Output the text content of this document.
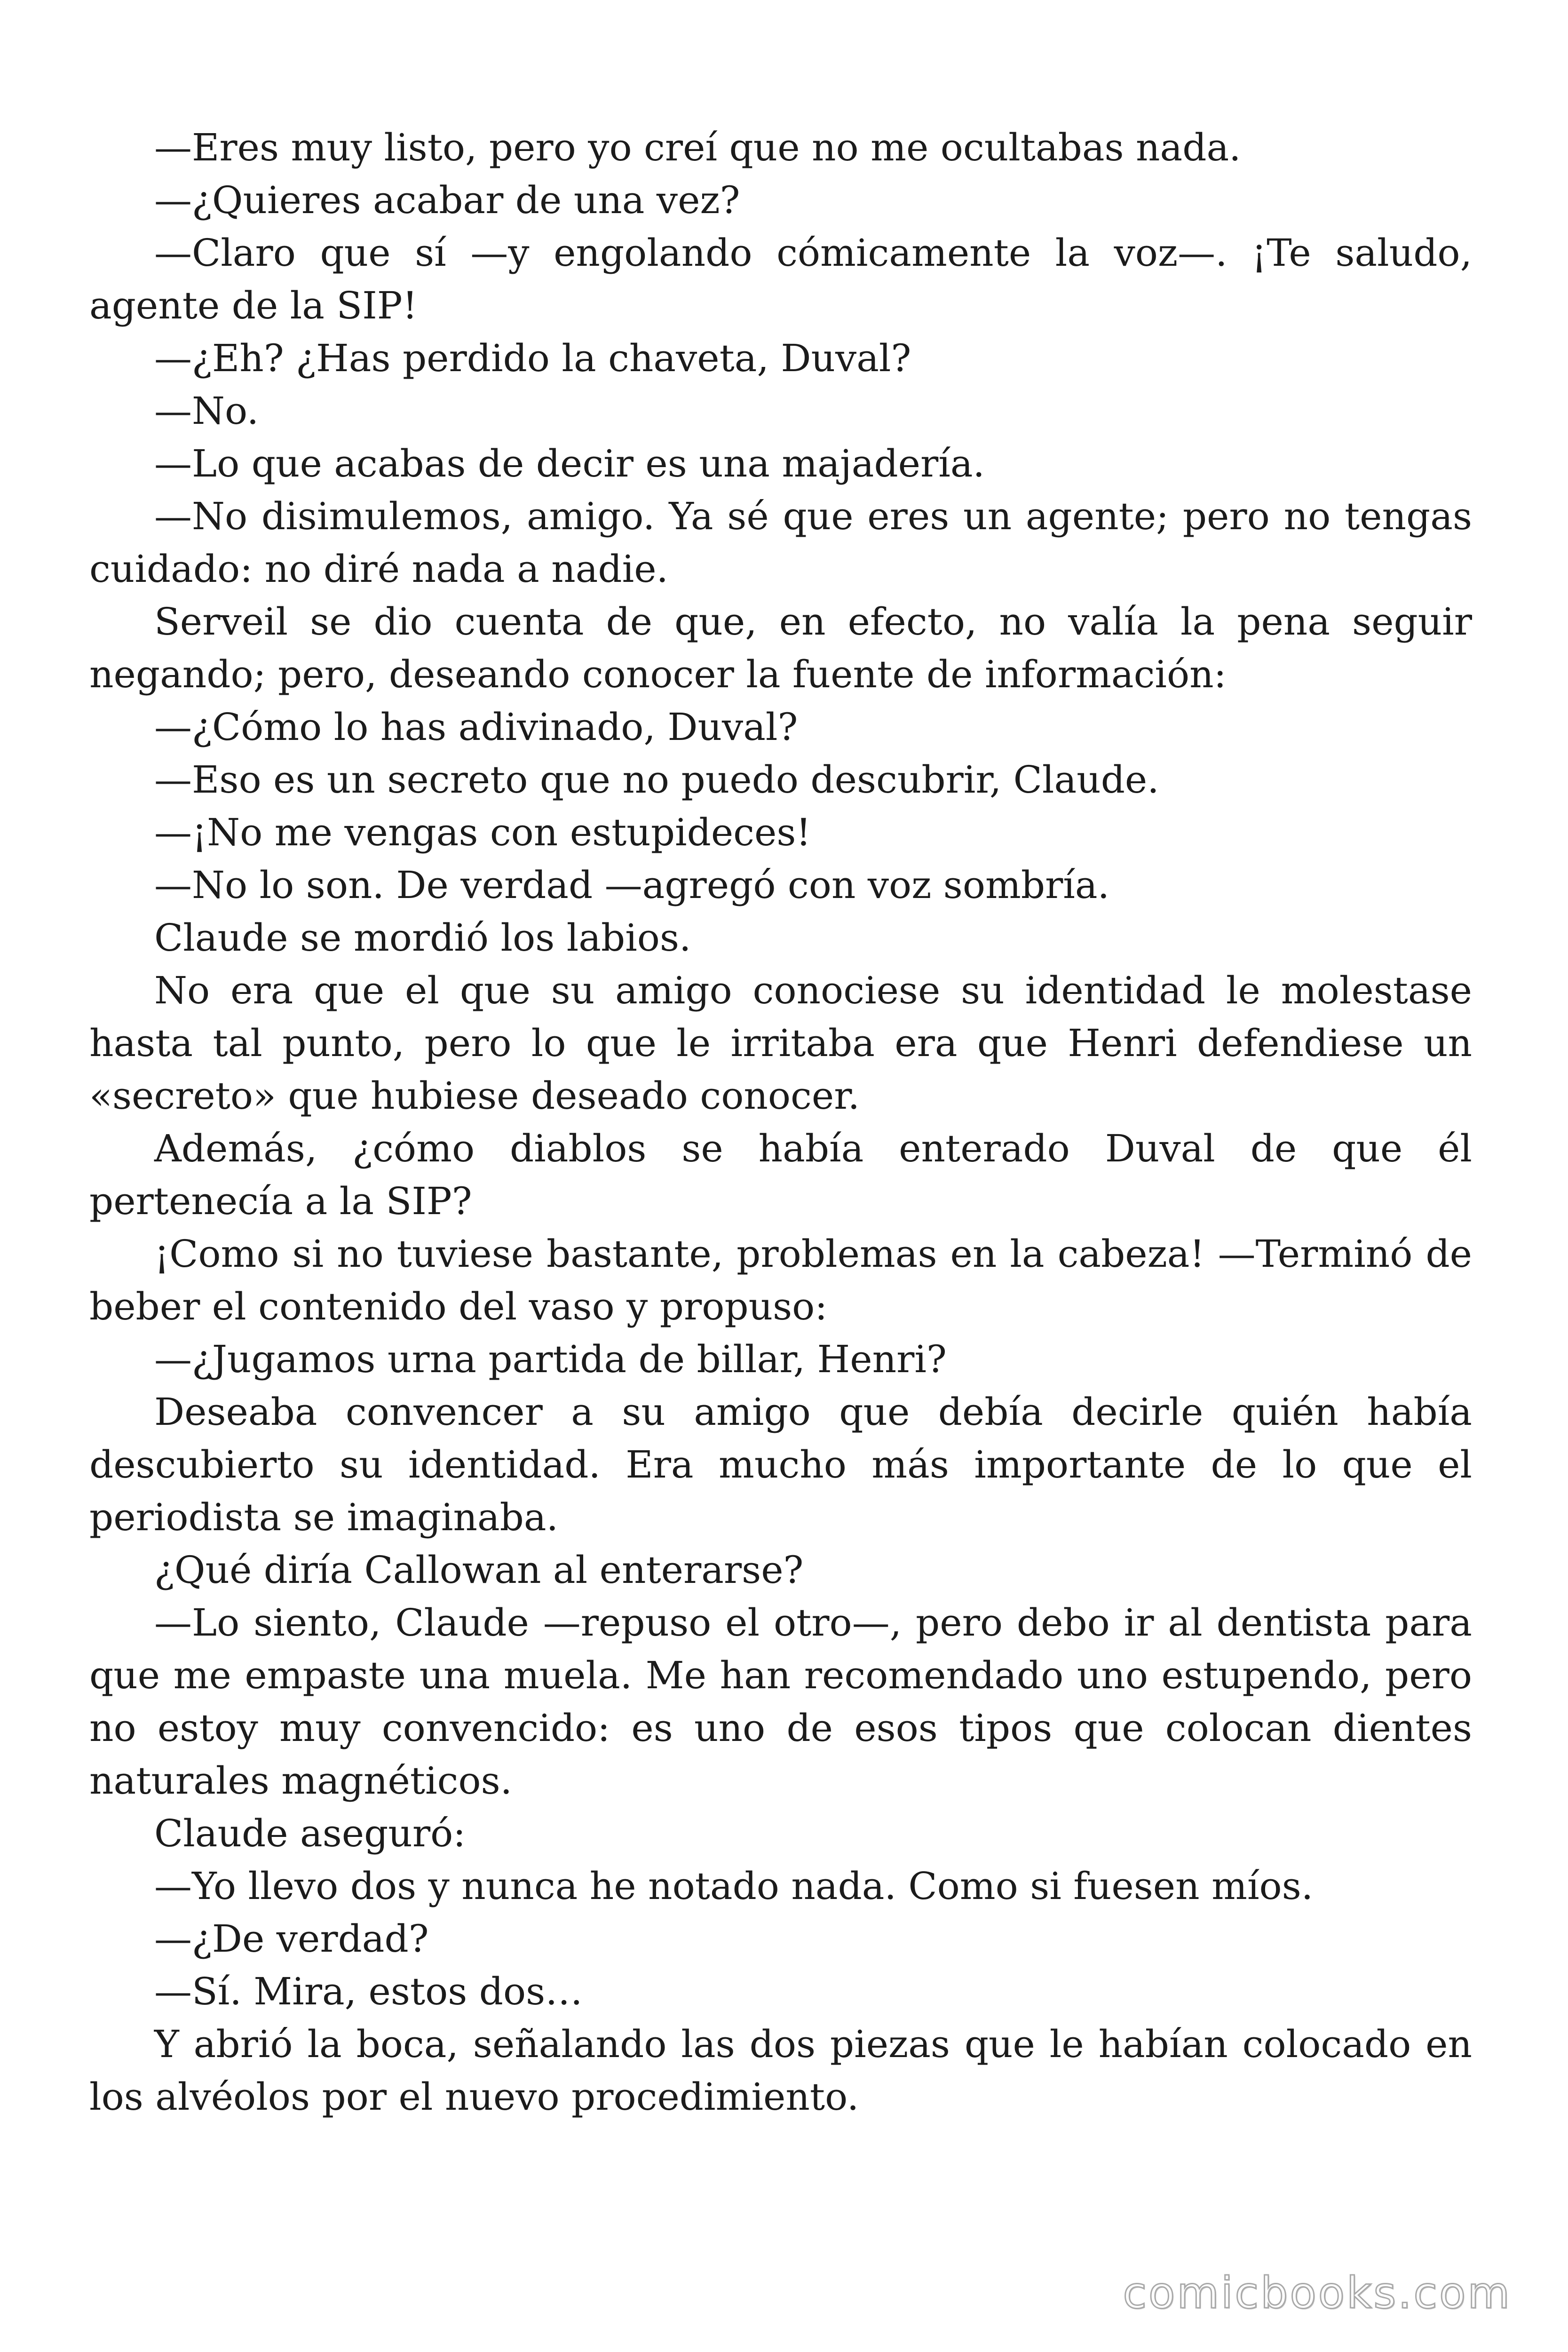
—Eres muy listo, pero yo creí que no me ocultabas nada.

—¿Quieres acabar de una vez?

—Claro que sí —y engolando cómicamente la voz—. ¡Te saludo, agente de la SIP!

—¿Eh? ¿Has perdido la chaveta, Duval?

—No.

—Lo que acabas de decir es una majadería.

—No disimulemos, amigo. Ya sé que eres un agente; pero no tengas cuidado: no diré nada a nadie.

Serveil se dio cuenta de que, en efecto, no valía la pena seguir negando; pero, deseando conocer la fuente de información:

—¿Cómo lo has adivinado, Duval?

—Eso es un secreto que no puedo descubrir, Claude.

—¡No me vengas con estupideces!

—No lo son. De verdad —agregó con voz sombría.

Claude se mordió los labios.

No era que el que su amigo conociese su identidad le molestase hasta tal punto, pero lo que le irritaba era que Henri defendiese un «secreto» que hubiese deseado conocer.

Además, ¿cómo diablos se había enterado Duval de que él pertenecía a la SIP?

¡Como si no tuviese bastante, problemas en la cabeza! —Terminó de beber el contenido del vaso y propuso:

—¿Jugamos urna partida de billar, Henri?

Deseaba convencer a su amigo que debía decirle quién había descubierto su identidad. Era mucho más importante de lo que el periodista se imaginaba.

¿Qué diría Callowan al enterarse?

—Lo siento, Claude —repuso el otro—, pero debo ir al dentista para que me empaste una muela. Me han recomendado uno estupendo, pero no estoy muy convencido: es uno de esos tipos que colocan dientes naturales magnéticos.

Claude aseguró:

—Yo llevo dos y nunca he notado nada. Como si fuesen míos.

—¿De verdad?

—Sí. Mira, estos dos…

Y abrió la boca, señalando las dos piezas que le habían colocado en los alvéolos por el nuevo procedimiento.

comicbooks.com
